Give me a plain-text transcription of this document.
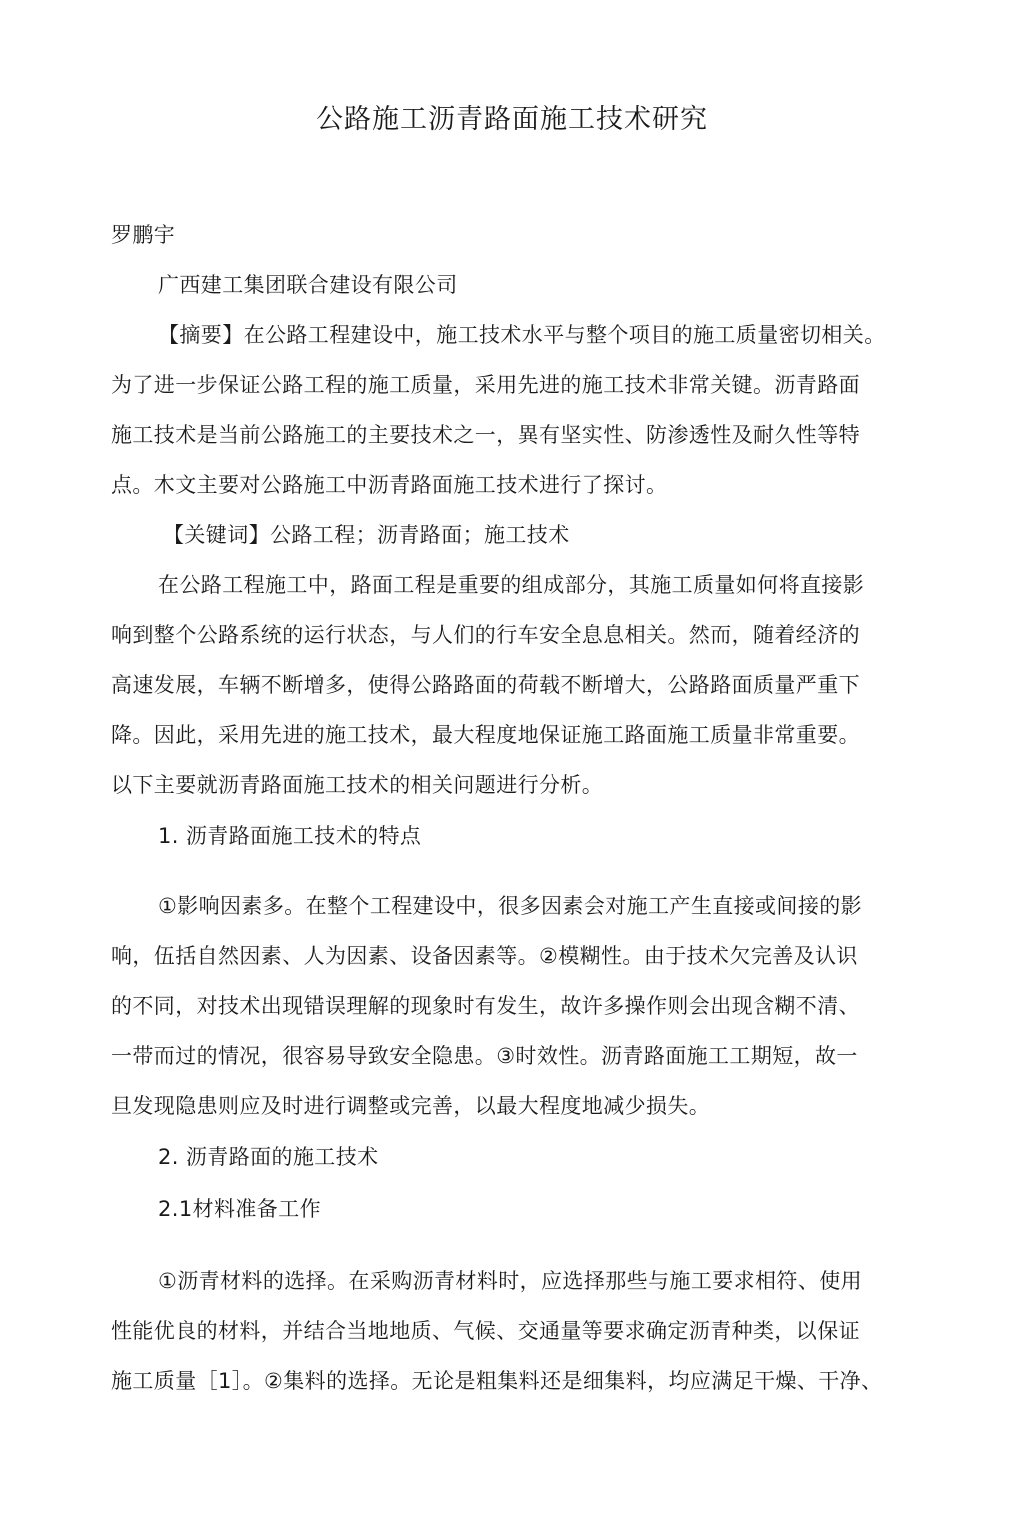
公路施工沥青路面施工技术研究
罗鹏宇
广西建工集团联合建设有限公司
【摘要】在公路工程建设中，施工技术水平与整个项目的施工质量密切相关。
为了进一步保证公路工程的施工质量，采用先进的施工技术非常关键。沥青路面
施工技术是当前公路施工的主要技术之一，異有坚实性、防渗透性及耐久性等特
点。木文主要对公路施工中沥青路面施工技术进行了探讨。
【关键词】公路工程；沥青路面；施工技术
在公路工程施工中，路面工程是重要的组成部分，其施工质量如何将直接影
响到整个公路系统的运行状态，与人们的行车安全息息相关。然而，随着经济的
高速发展，车辆不断增多，使得公路路面的荷载不断增大，公路路面质量严重下
降。因此，采用先进的施工技术，最大程度地保证施工路面施工质量非常重要。
以下主要就沥青路面施工技术的相关问题进行分析。
1. 沥青路面施工技术的特点
①影响因素多。在整个工程建设中，很多因素会对施工产生直接或间接的影
响，伍括自然因素、人为因素、设备因素等。②模糊性。由于技术欠完善及认识
的不同，对技术出现错误理解的现象时有发生，故许多操作则会出现含糊不清、
一带而过的情况，很容易导致安全隐患。③时效性。沥青路面施工工期短，故一
旦发现隐患则应及时进行调整或完善，以最大程度地减少损失。
2. 沥青路面的施工技术
2.1材料准备工作
①沥青材料的选择。在采购沥青材料时，应选择那些与施工要求相符、使用
性能优良的材料，并结合当地地质、气候、交通量等要求确定沥青种类，以保证
施工质量［1］。②集料的选择。无论是粗集料还是细集料，均应满足干燥、干净、
